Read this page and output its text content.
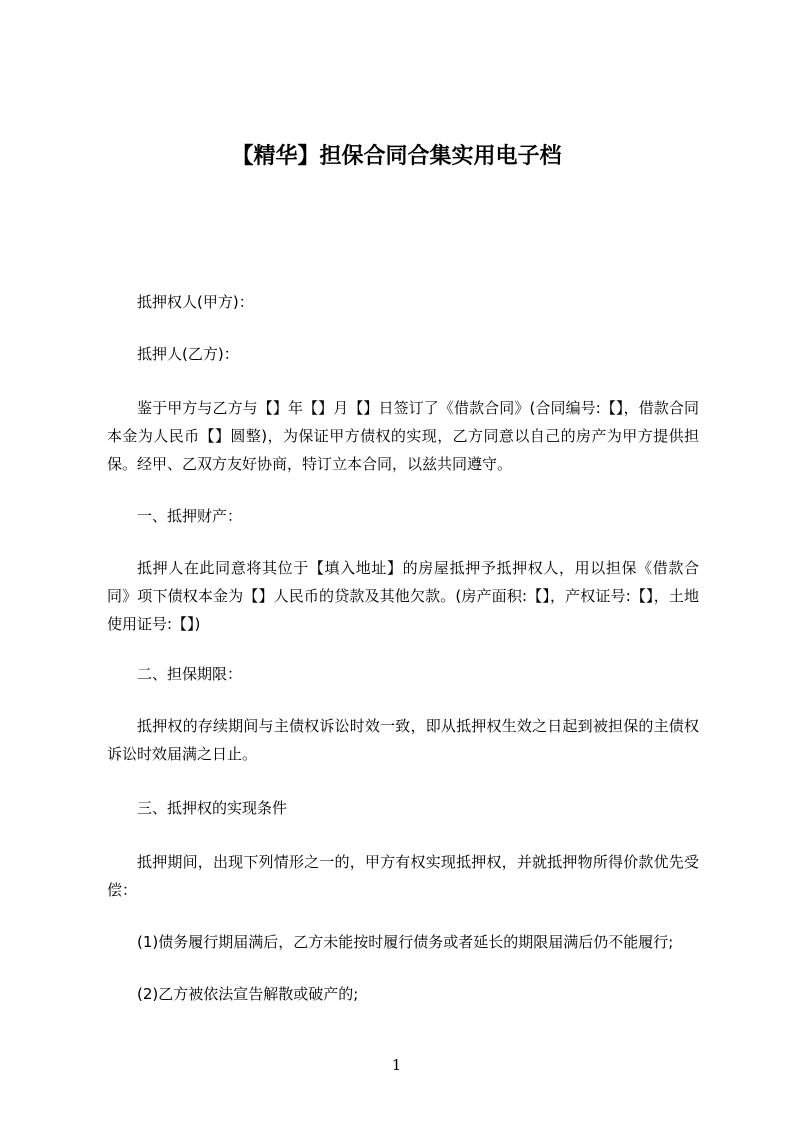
【精华】担保合同合集实用电子档

抵押权人(甲方)：

抵押人(乙方)：

鉴于甲方与乙方与【】年【】月【】日签订了《借款合同》(合同编号:【】，借款合同本金为人民币【】圆整)，为保证甲方债权的实现，乙方同意以自己的房产为甲方提供担保。经甲、乙双方友好协商，特订立本合同，以兹共同遵守。

一、抵押财产：

抵押人在此同意将其位于【填入地址】的房屋抵押予抵押权人，用以担保《借款合同》项下债权本金为【】人民币的贷款及其他欠款。(房产面积:【】，产权证号:【】，土地使用证号:【】)

二、担保期限：

抵押权的存续期间与主债权诉讼时效一致，即从抵押权生效之日起到被担保的主债权诉讼时效届满之日止。

三、抵押权的实现条件

抵押期间，出现下列情形之一的，甲方有权实现抵押权，并就抵押物所得价款优先受偿：

(1)债务履行期届满后，乙方未能按时履行债务或者延长的期限届满后仍不能履行;

(2)乙方被依法宣告解散或破产的;

1
